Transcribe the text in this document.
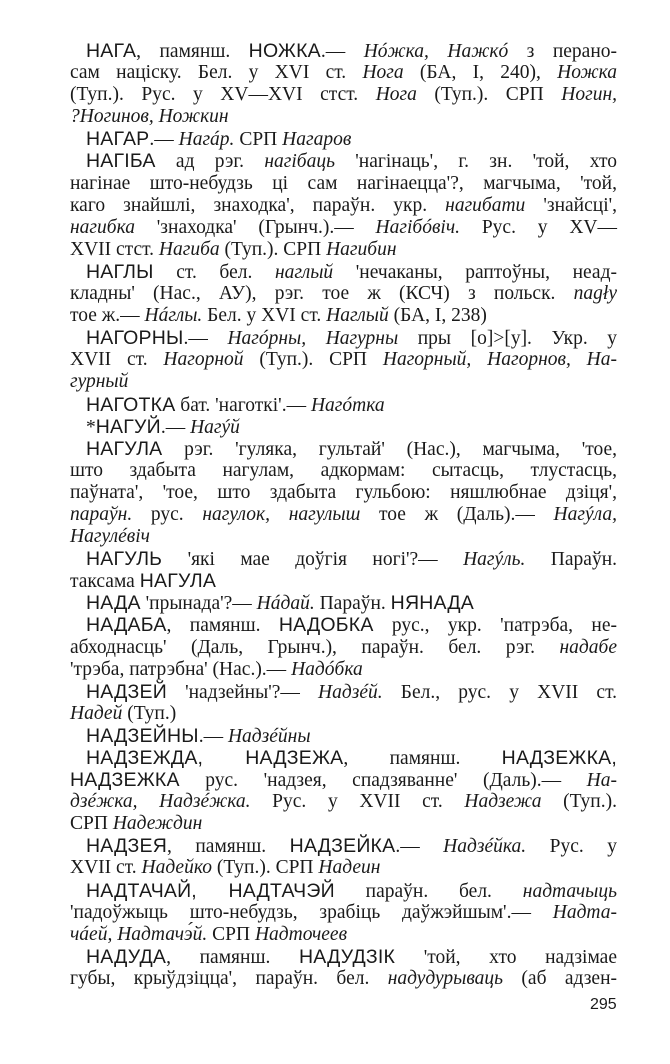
НАГА, памянш. НОЖКА.— Нóжка, Нажкó з перано-
сам націску. Бел. у XVI ст. Нога (БА, I, 240), Ножка
(Туп.). Рус. у XV—XVI стст. Нога (Туп.). СРП Ногин,
?Ногинов, Ножкин
НАГАР.— Нагáр. СРП Нагаров
НАГІБА ад рэг. нагібаць 'нагінаць', г. зн. 'той, хто
нагінае што-небудзь ці сам нагінаецца'?, магчыма, 'той,
каго знайшлі, знаходка', параўн. укр. нагибати 'знайсці',
нагибка 'знаходка' (Грынч.).— Нагібóвіч. Рус. у XV—
XVII стст. Нагиба (Туп.). СРП Нагибин
НАГЛЫ ст. бел. наглый 'нечаканы, раптоўны, неад-
кладны' (Нас., АУ), рэг. тое ж (КСЧ) з польск. nagły
тое ж.— Нáглы. Бел. у XVI ст. Наглый (БА, I, 238)
НАГОРНЫ.— Нагóрны, Нагурны пры [о]>[у]. Укр. у
XVII ст. Нагорной (Туп.). СРП Нагорный, Нагорнов, На-
гурный
НАГОТКА бат. 'наготкі'.— Нагóтка
*НАГУЙ.— Нагýй
НАГУЛА рэг. 'гуляка, гультай' (Нас.), магчыма, 'тое,
што здабыта нагулам, адкормам: сытасць, тлустасць,
паўната', 'тое, што здабыта гульбою: няшлюбнае дзіця',
параўн. рус. нагулок, нагулыш тое ж (Даль).— Нагýла,
Нагулéвіч
НАГУЛЬ 'які мае доўгія ногі'?— Нагýль. Параўн.
таксама НАГУЛА
НАДА 'прынада'?— Нáдай. Параўн. НЯНАДА
НАДАБА, памянш. НАДОБКА рус., укр. 'патрэба, не-
абходнасць' (Даль, Грынч.), параўн. бел. рэг. надабе
'трэба, патрэбна' (Нас.).— Надóбка
НАДЗЕЙ 'надзейны'?— Надзéй. Бел., рус. у XVII ст.
Надей (Туп.)
НАДЗЕЙНЫ.— Надзéйны
НАДЗЕЖДА, НАДЗЕЖА, памянш. НАДЗЕЖКА,
НАДЗЕЖКА рус. 'надзея, спадзяванне' (Даль).— На-
дзéжка, Надзéжка. Рус. у XVII ст. Надзежа (Туп.).
СРП Надеждин
НАДЗЕЯ, памянш. НАДЗЕЙКА.— Надзéйка. Рус. у
XVII ст. Надейко (Туп.). СРП Надеин
НАДТАЧАЙ, НАДТАЧЭЙ параўн. бел. надтачыць
'падоўжыць што-небудзь, зрабіць даўжэйшым'.— Надта-
чáей, Надтачэ́й. СРП Надточеев
НАДУДА, памянш. НАДУДЗІК 'той, хто надзімае
губы, крыўдзіцца', параўн. бел. надудурываць (аб адзен-
295
